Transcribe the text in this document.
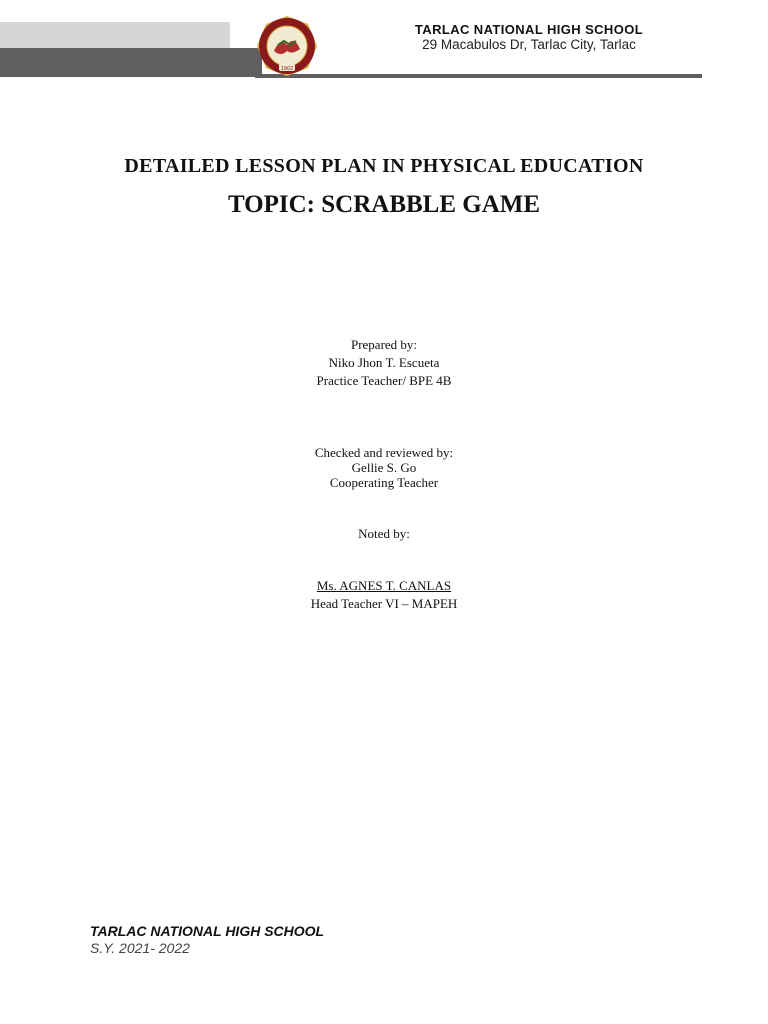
1902
TARLAC NATIONAL HIGH SCHOOL
29 Macabulos Dr, Tarlac City, Tarlac
DETAILED LESSON PLAN IN PHYSICAL EDUCATION
TOPIC: SCRABBLE GAME
Prepared by:
Niko Jhon T. Escueta
Practice Teacher/ BPE 4B
Checked and reviewed by:
Gellie S. Go
Cooperating Teacher
Noted by:
Ms. AGNES T. CANLAS
Head Teacher VI – MAPEH
TARLAC NATIONAL HIGH SCHOOL
S.Y. 2021- 2022
